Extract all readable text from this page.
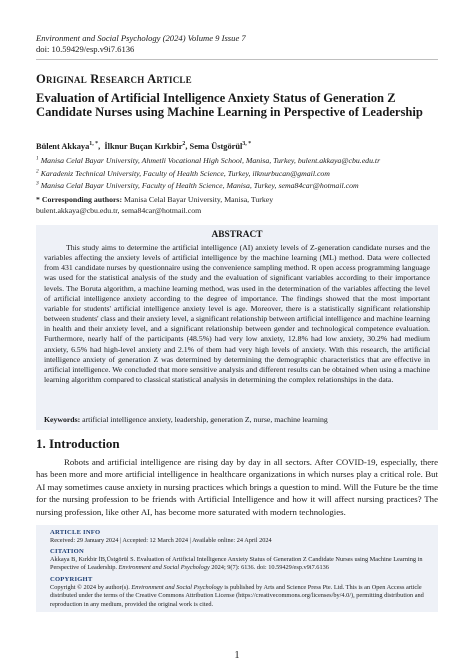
Environment and Social Psychology (2024) Volume 9 Issue 7
doi: 10.59429/esp.v9i7.6136
Original Research Article
Evaluation of Artificial Intelligence Anxiety Status of Generation Z Candidate Nurses using Machine Learning in Perspective of Leadership
Bülent Akkaya$^{1, *}$,  İlknur Buçan Kırkbir$^2$, Sema Üstgörül$^{3, *}$
$^1$ Manisa Celal Bayar University, Ahmetli Vocational High School, Manisa, Turkey, bulent.akkaya@cbu.edu.tr
$^2$ Karadeniz Technical University, Faculty of Health Science, Turkey, ilknurbucan@gmail.com
$^3$ Manisa Celal Bayar University, Faculty of Health Science, Manisa, Turkey, sema84car@hotmail.com
* Corresponding authors: Manisa Celal Bayar University, Manisa, Turkey
bulent.akkaya@cbu.edu.tr, sema84car@hotmail.com
ABSTRACT
This study aims to determine the artificial intelligence (AI) anxiety levels of Z-generation candidate nurses and the variables affecting the anxiety levels of artificial intelligence by the machine learning (ML) method. Data were collected from 431 candidate nurses by questionnaire using the convenience sampling method. R open access programming language was used for the statistical analysis of the study and the evaluation of significant variables according to their importance levels. The Boruta algorithm, a machine learning method, was used in the determination of the variables affecting the level of artificial intelligence anxiety according to the degree of importance. The findings showed that the most important variable for students' artificial intelligence anxiety level is age. Moreover, there is a statistically significant relationship between students' class and their anxiety level, a significant relationship between artificial intelligence and machine learning in health and their anxiety level, and a significant relationship between gender and technological competence evaluation. Furthermore, nearly half of the participants (48.5%) had very low anxiety, 12.8% had low anxiety, 30.2% had medium anxiety, 6.5% had high-level anxiety and 2.1% of them had very high levels of anxiety. With this research, the artificial intelligence anxiety of generation Z was determined by determining the demographic characteristics that are effective in artificial intelligence. We concluded that more sensitive analysis and different results can be obtained when using a machine learning algorithm compared to classical statistical analysis in determining the complex relationships in the data.
Keywords: artificial intelligence anxiety, leadership, generation Z, nurse, machine learning
1. Introduction
Robots and artificial intelligence are rising day by day in all sectors. After COVID-19, especially, there has been more and more artificial intelligence in healthcare organizations in which nurses play a critical role. But AI may sometimes cause anxiety in nursing practices which brings a question to mind. Will the Future be the time for the nursing profession to be friends with Artificial Intelligence and how it will affect nursing practices? The nursing profession, like other AI, has become more saturated with modern technologies.
ARTICLE INFO
Received: 29 January 2024 | Accepted: 12 March 2024 | Available online: 24 April 2024
CITATION
Akkaya B, Kırkbir İB,Üstgörül S. Evaluation of Artificial Intelligence Anxiety Status of Generation Z Candidate Nurses using Machine Learning in Perspective of Leadership. Environment and Social Psychology 2024; 9(7): 6136. doi: 10.59429/esp.v9i7.6136
COPYRIGHT
Copyright © 2024 by author(s). Environment and Social Psychology is published by Arts and Science Press Pte. Ltd. This is an Open Access article distributed under the terms of the Creative Commons Attribution License (https://creativecommons.org/licenses/by/4.0/), permitting distribution and reproduction in any medium, provided the original work is cited.
1
